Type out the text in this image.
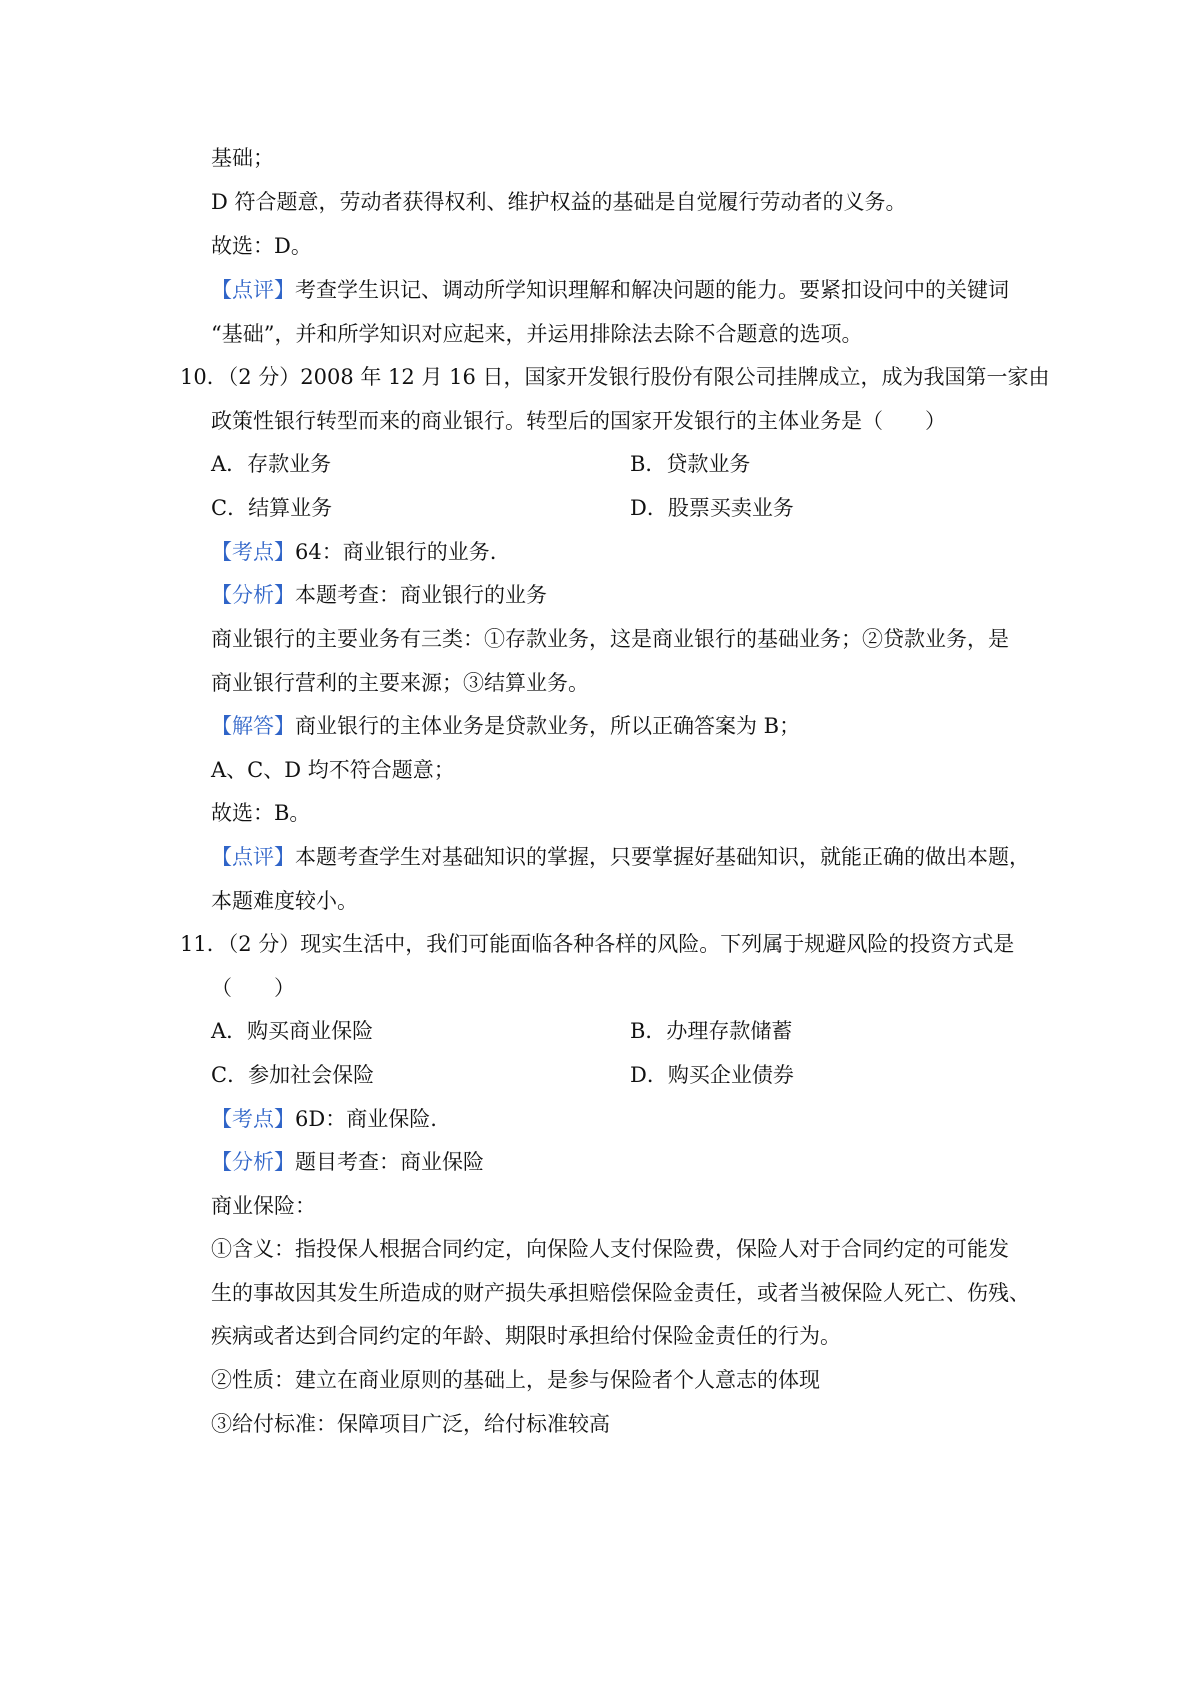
基础；
D 符合题意，劳动者获得权利、维护权益的基础是自觉履行劳动者的义务。
故选：D。
【点评】考查学生识记、调动所学知识理解和解决问题的能力。要紧扣设问中的关键词
“基础”，并和所学知识对应起来，并运用排除法去除不合题意的选项。
10．（2 分）2008 年 12 月 16 日，国家开发银行股份有限公司挂牌成立，成为我国第一家由
政策性银行转型而来的商业银行。转型后的国家开发银行的主体业务是（　　）
A．存款业务	B．贷款业务
C．结算业务	D．股票买卖业务
【考点】64：商业银行的业务.
【分析】本题考查：商业银行的业务
商业银行的主要业务有三类：①存款业务，这是商业银行的基础业务；②贷款业务，是
商业银行营利的主要来源；③结算业务。
【解答】商业银行的主体业务是贷款业务，所以正确答案为 B；
A、C、D 均不符合题意；
故选：B。
【点评】本题考查学生对基础知识的掌握，只要掌握好基础知识，就能正确的做出本题，
本题难度较小。
11．（2 分）现实生活中，我们可能面临各种各样的风险。下列属于规避风险的投资方式是
（　　）
A．购买商业保险	B．办理存款储蓄
C．参加社会保险	D．购买企业债券
【考点】6D：商业保险.
【分析】题目考查：商业保险
商业保险：
①含义：指投保人根据合同约定，向保险人支付保险费，保险人对于合同约定的可能发
生的事故因其发生所造成的财产损失承担赔偿保险金责任，或者当被保险人死亡、伤残、
疾病或者达到合同约定的年龄、期限时承担给付保险金责任的行为。
②性质：建立在商业原则的基础上，是参与保险者个人意志的体现
③给付标准：保障项目广泛，给付标准较高
